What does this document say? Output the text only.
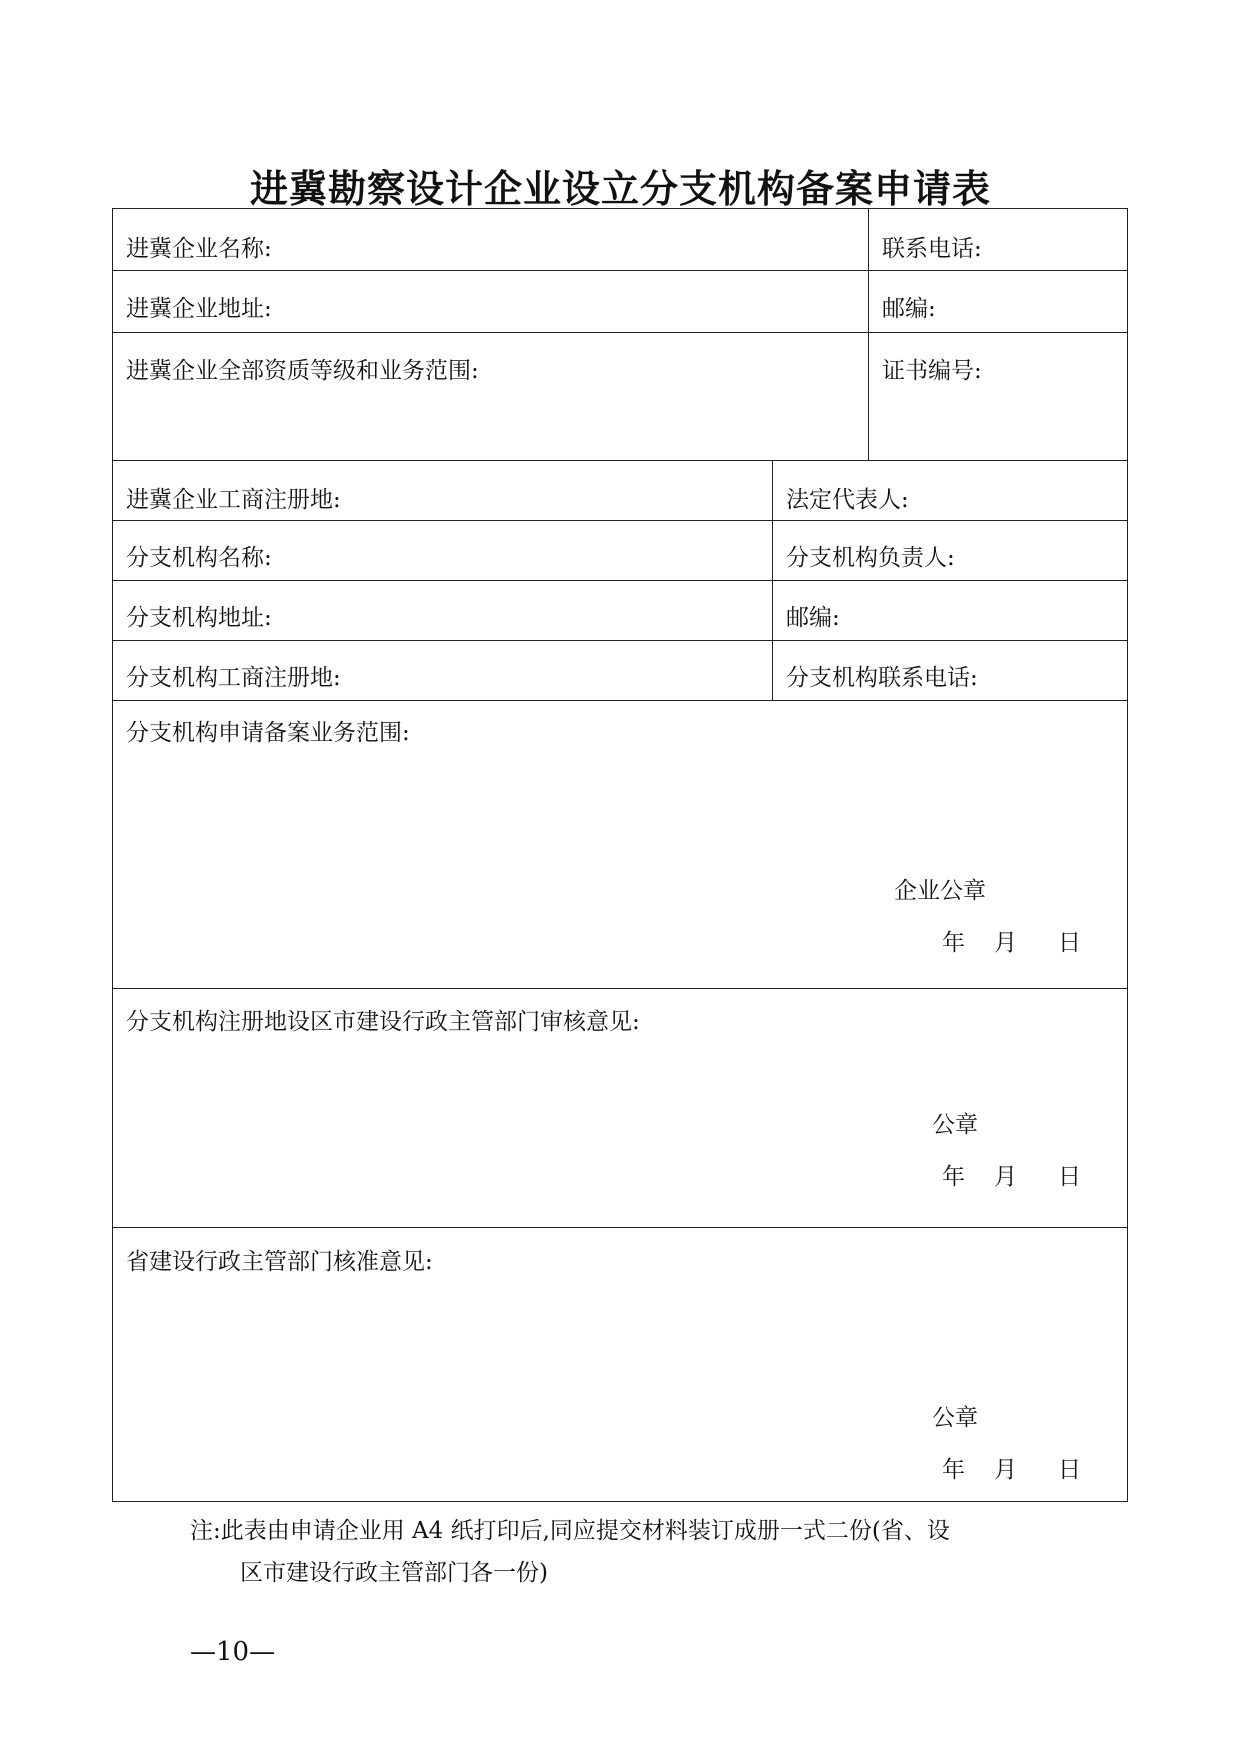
进冀勘察设计企业设立分支机构备案申请表
进冀企业名称:	联系电话:
进冀企业地址:	邮编:
进冀企业全部资质等级和业务范围:	证书编号:
进冀企业工商注册地:	法定代表人:
分支机构名称:	分支机构负责人:
分支机构地址:	邮编:
分支机构工商注册地:	分支机构联系电话:
分支机构申请备案业务范围:
企业公章
年 月 日
分支机构注册地设区市建设行政主管部门审核意见:
公章
年 月 日
省建设行政主管部门核准意见:
公章
年 月 日
注:此表由申请企业用 A4 纸打印后,同应提交材料装订成册一式二份(省、设
区市建设行政主管部门各一份)
—10—
